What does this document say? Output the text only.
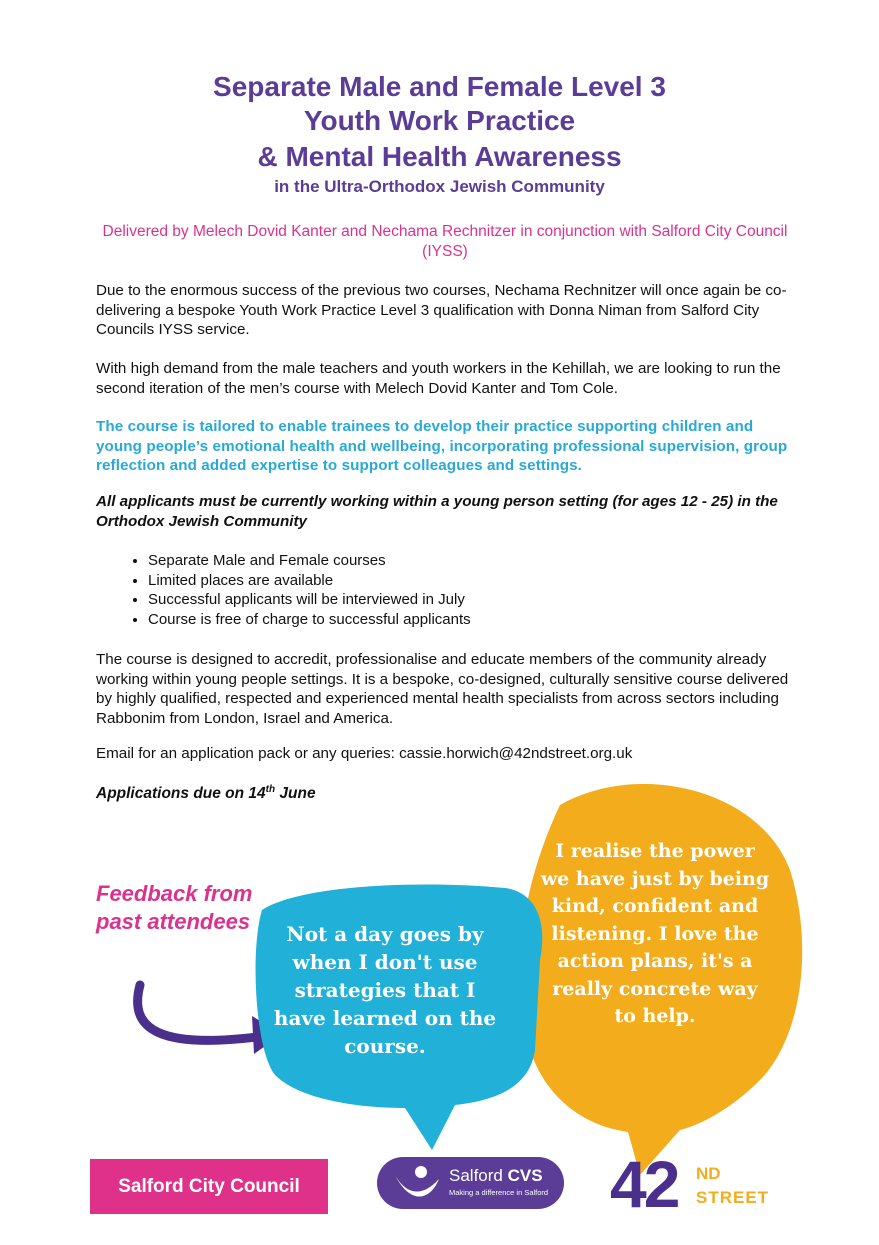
Separate Male and Female Level 3
Youth Work Practice
& Mental Health Awareness
in the Ultra-Orthodox Jewish Community
Delivered by Melech Dovid Kanter and Nechama Rechnitzer in conjunction with Salford City Council (IYSS)

Due to the enormous success of the previous two courses, Nechama Rechnitzer will once again be co-delivering a bespoke Youth Work Practice Level 3 qualification with Donna Niman from Salford City Councils IYSS service.

With high demand from the male teachers and youth workers in the Kehillah, we are looking to run the second iteration of the men’s course with Melech Dovid Kanter and Tom Cole.

The course is tailored to enable trainees to develop their practice supporting children and young people’s emotional health and wellbeing, incorporating professional supervision, group reflection and added expertise to support colleagues and settings.

All applicants must be currently working within a young person setting (for ages 12 - 25) in the Orthodox Jewish Community

• Separate Male and Female courses
• Limited places are available
• Successful applicants will be interviewed in July
• Course is free of charge to successful applicants

The course is designed to accredit, professionalise and educate members of the community already working within young people settings. It is a bespoke, co-designed, culturally sensitive course delivered by highly qualified, respected and experienced mental health specialists from across sectors including Rabbonim from London, Israel and America.

Email for an application pack or any queries: cassie.horwich@42ndstreet.org.uk

Applications due on 14th June

Feedback from past attendees	Not a day goes by when I don't use strategies that I have learned on the course.
I realise the power we have just by being kind, confident and listening. I love the action plans, it's a really concrete way to help.
Salford City Council	Salford CVS
Making a difference in Salford 42 ND
STREET
